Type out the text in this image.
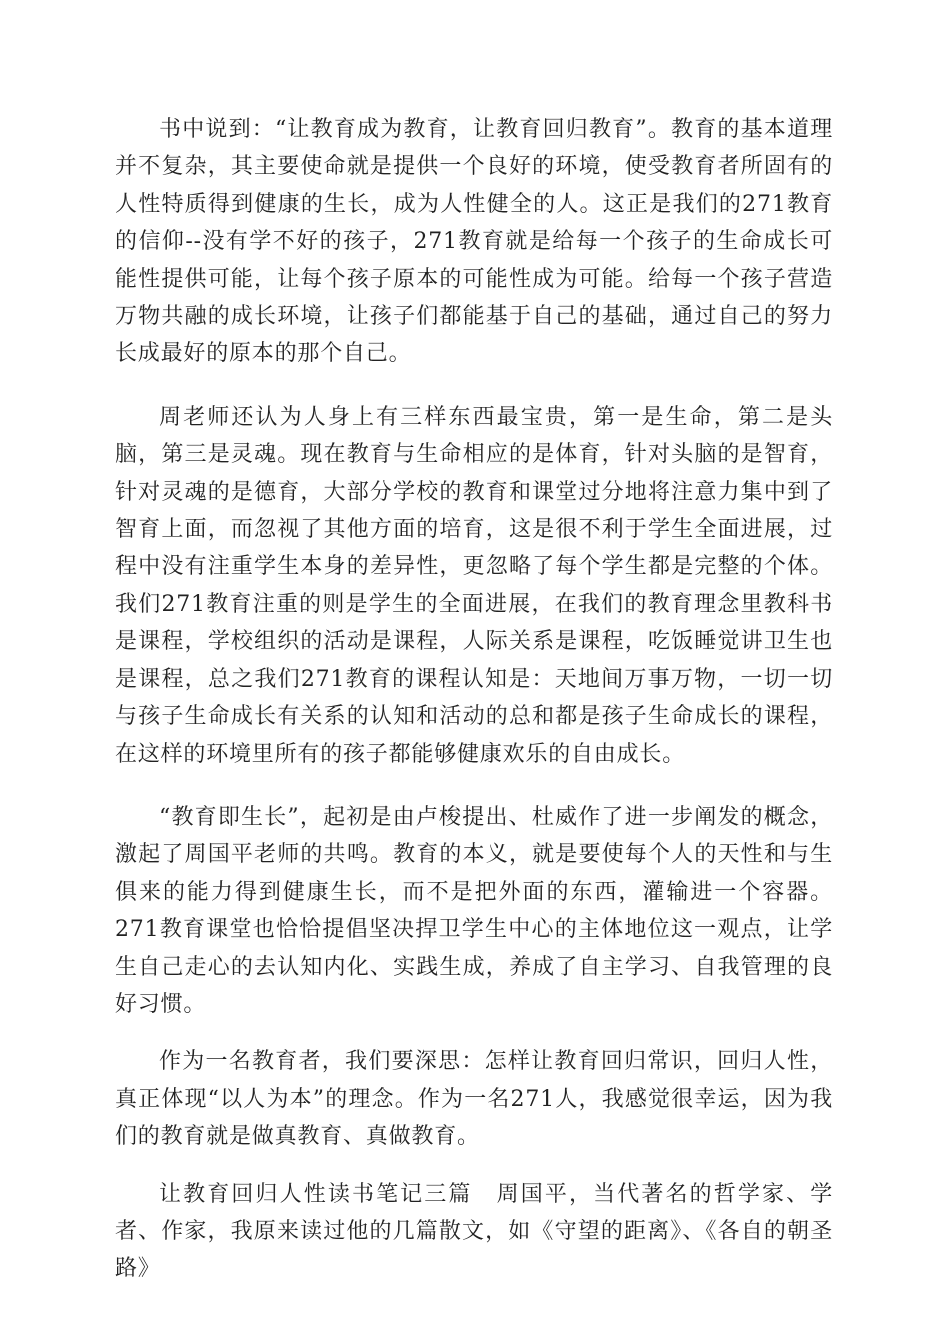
书中说到：“让教育成为教育，让教育回归教育”。教育的基本道理并不复杂，其主要使命就是提供一个良好的环境，使受教育者所固有的人性特质得到健康的生长，成为人性健全的人。这正是我们的271教育的信仰--没有学不好的孩子，271教育就是给每一个孩子的生命成长可能性提供可能，让每个孩子原本的可能性成为可能。给每一个孩子营造万物共融的成长环境，让孩子们都能基于自己的基础，通过自己的努力长成最好的原本的那个自己。

周老师还认为人身上有三样东西最宝贵，第一是生命，第二是头脑，第三是灵魂。现在教育与生命相应的是体育，针对头脑的是智育，针对灵魂的是德育，大部分学校的教育和课堂过分地将注意力集中到了智育上面，而忽视了其他方面的培育，这是很不利于学生全面进展，过程中没有注重学生本身的差异性，更忽略了每个学生都是完整的个体。我们271教育注重的则是学生的全面进展，在我们的教育理念里教科书是课程，学校组织的活动是课程，人际关系是课程，吃饭睡觉讲卫生也是课程，总之我们271教育的课程认知是：天地间万事万物，一切一切与孩子生命成长有关系的认知和活动的总和都是孩子生命成长的课程，在这样的环境里所有的孩子都能够健康欢乐的自由成长。

“教育即生长”，起初是由卢梭提出、杜威作了进一步阐发的概念，激起了周国平老师的共鸣。教育的本义，就是要使每个人的天性和与生俱来的能力得到健康生长，而不是把外面的东西，灌输进一个容器。271教育课堂也恰恰提倡坚决捍卫学生中心的主体地位这一观点，让学生自己走心的去认知内化、实践生成，养成了自主学习、自我管理的良好习惯。

作为一名教育者，我们要深思：怎样让教育回归常识，回归人性，真正体现“以人为本”的理念。作为一名271人，我感觉很幸运，因为我们的教育就是做真教育、真做教育。

让教育回归人性读书笔记三篇　周国平，当代著名的哲学家、学者、作家，我原来读过他的几篇散文，如《守望的距离》、《各自的朝圣路》
